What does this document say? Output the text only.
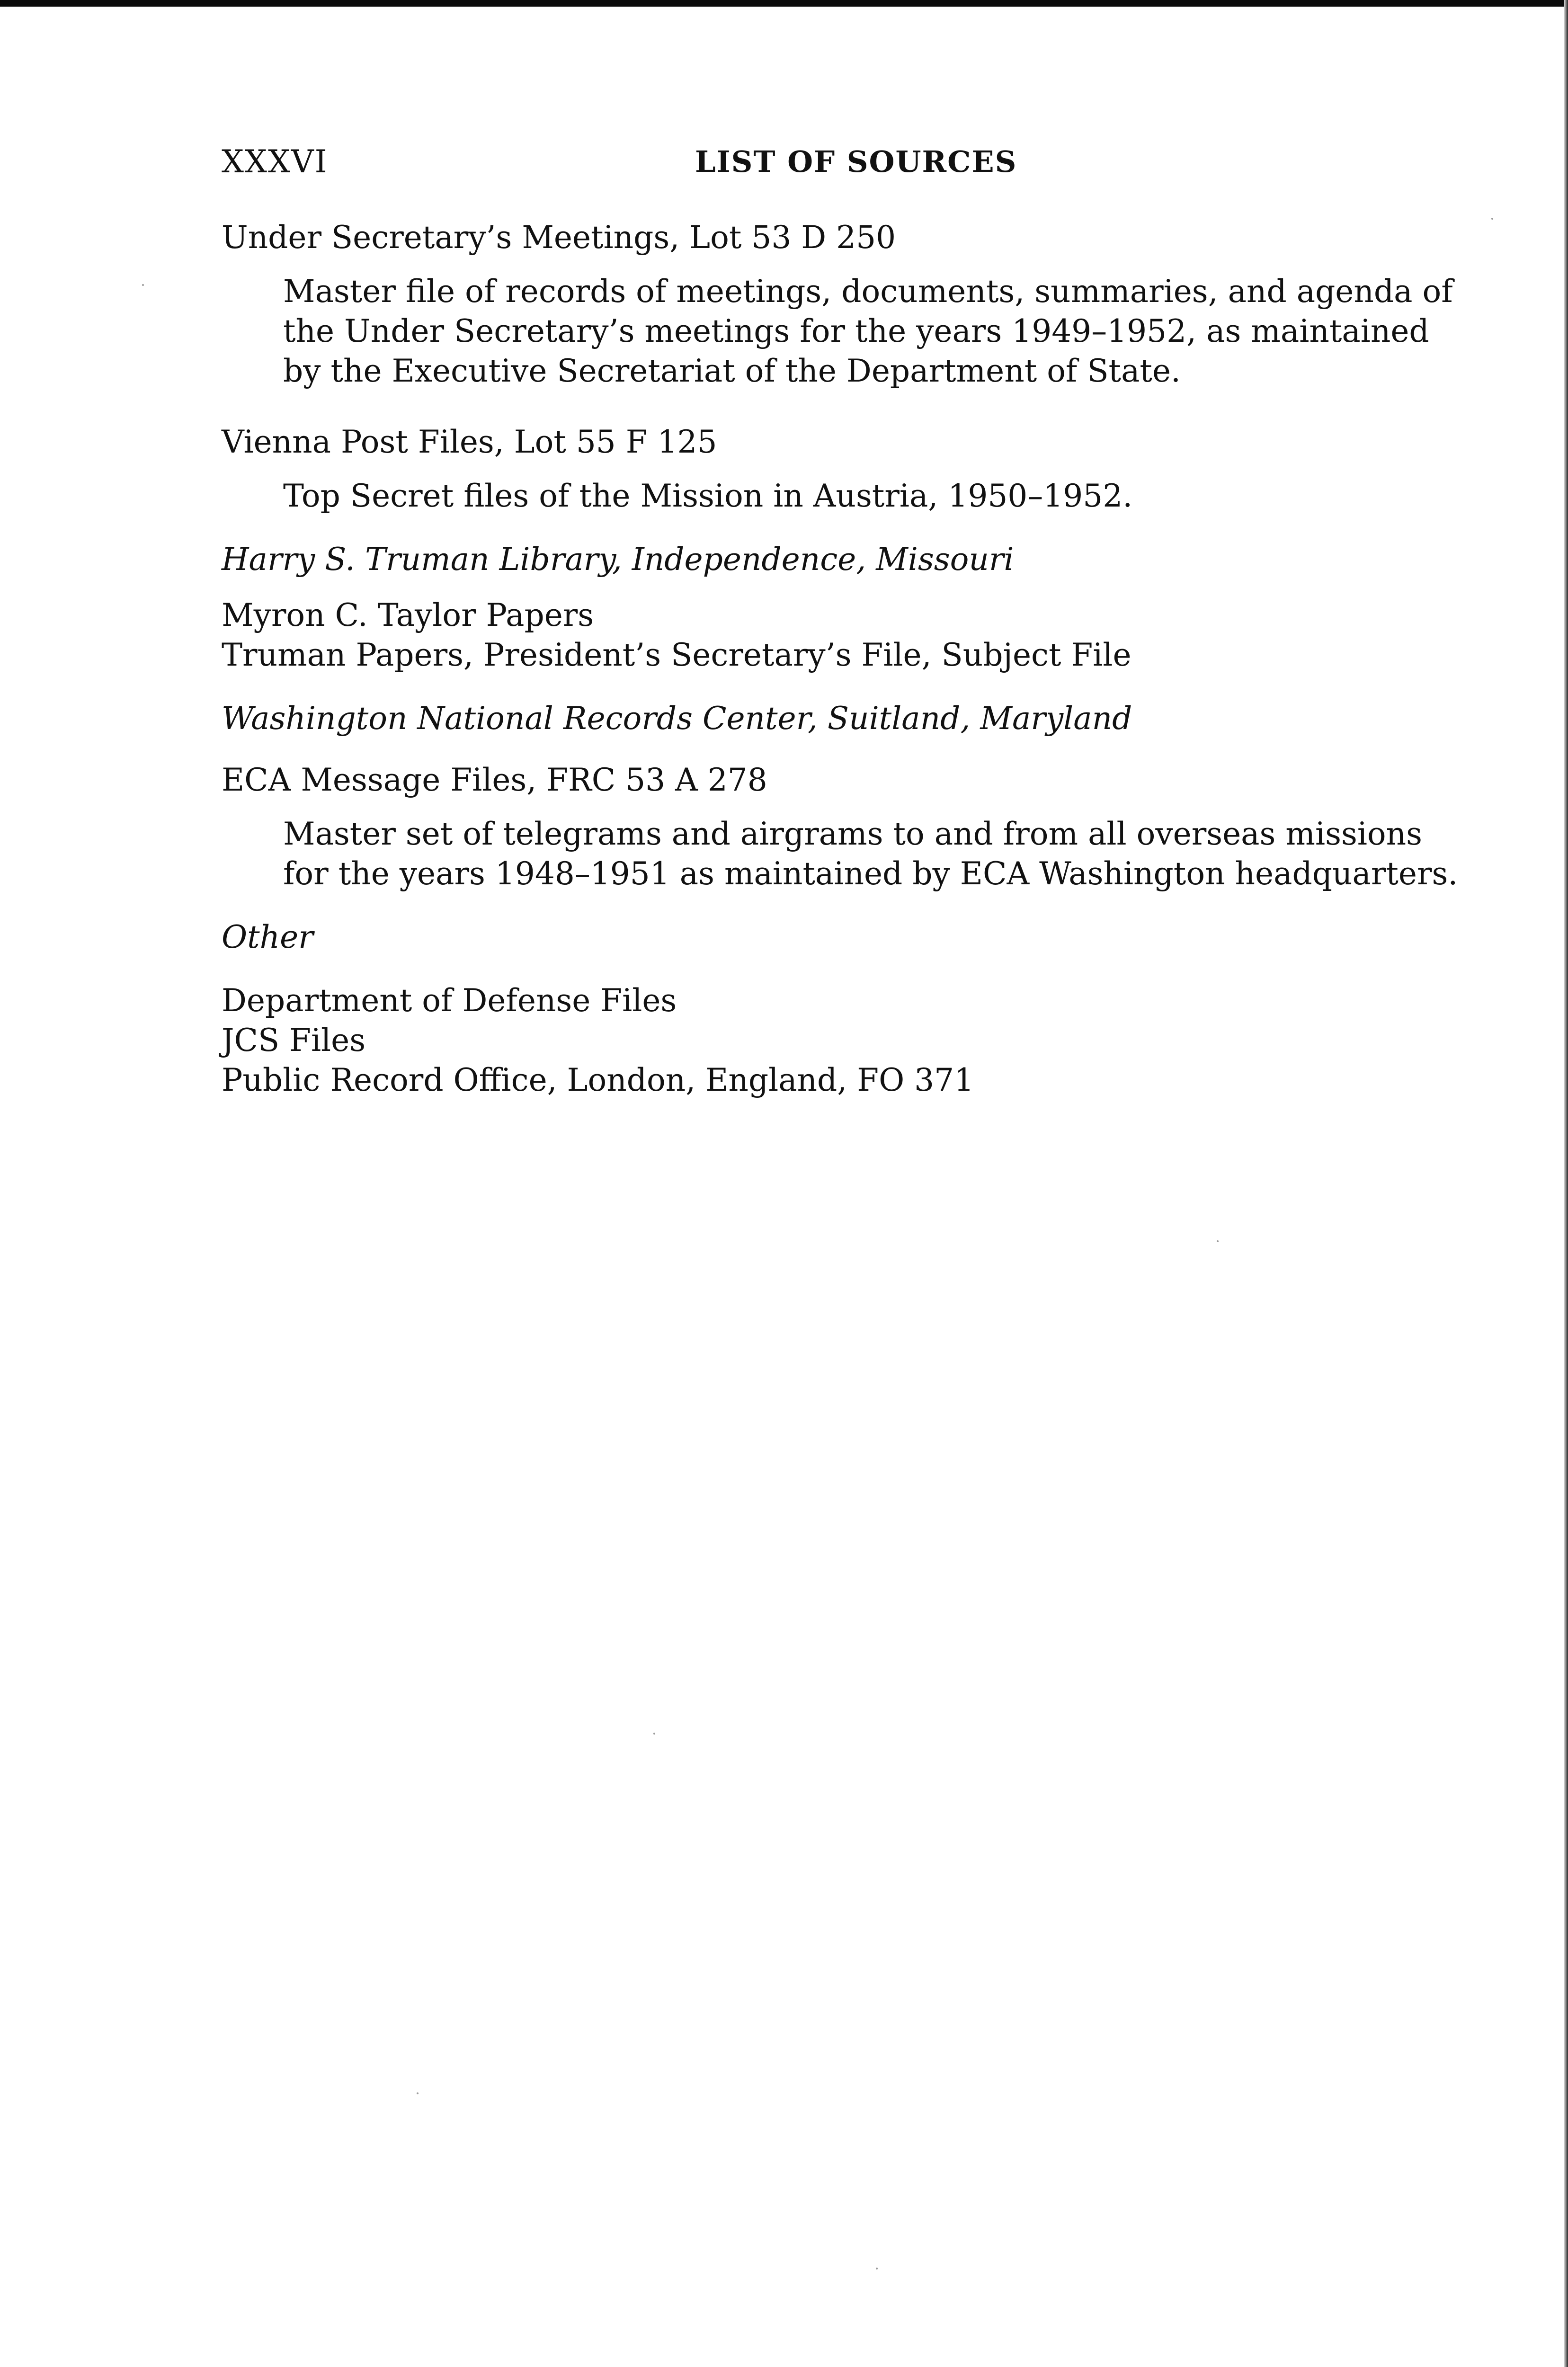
XXXVI	LIST OF SOURCES

Under Secretary’s Meetings, Lot 53 D 250

Master file of records of meetings, documents, summaries, and agenda of the Under Secretary’s meetings for the years 1949–1952, as maintained by the Executive Secretariat of the Department of State.

Vienna Post Files, Lot 55 F 125

Top Secret files of the Mission in Austria, 1950–1952.

Harry S. Truman Library, Independence, Missouri

Myron C. Taylor Papers

Truman Papers, President’s Secretary’s File, Subject File

Washington National Records Center, Suitland, Maryland

ECA Message Files, FRC 53 A 278

Master set of telegrams and airgrams to and from all overseas missions for the years 1948–1951 as maintained by ECA Washington headquarters.

Other

Department of Defense Files

JCS Files

Public Record Office, London, England, FO 371
